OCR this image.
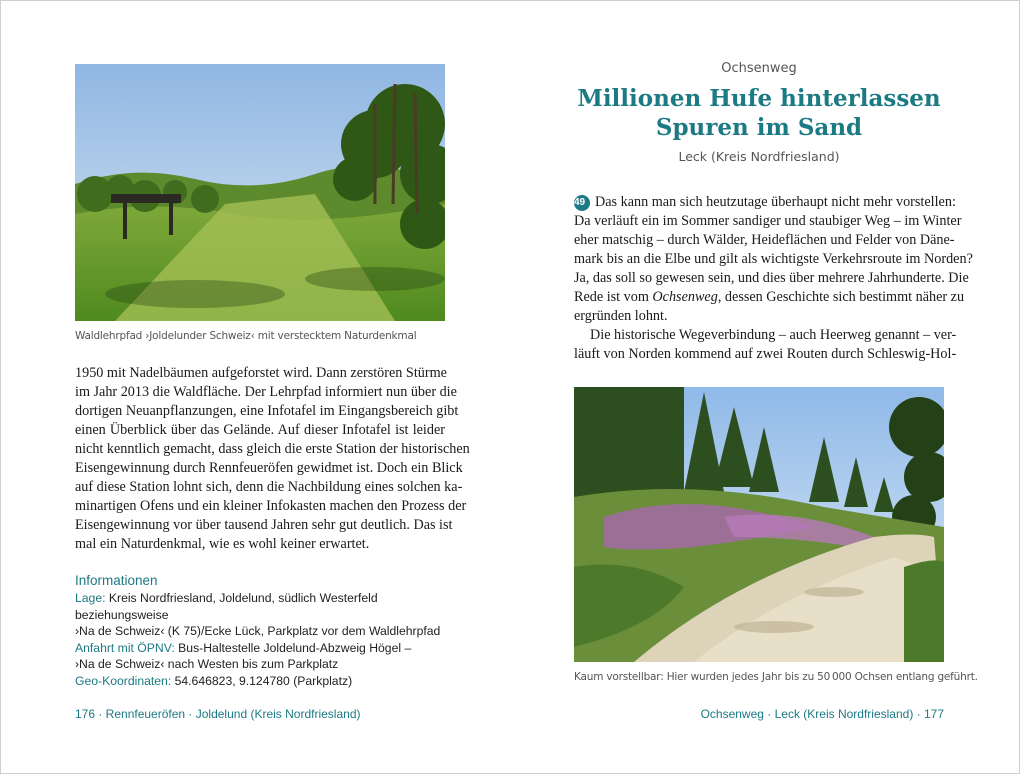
Waldlehrpfad ›Joldelunder Schweiz‹ mit verstecktem Naturdenkmal
1950 mit Nadelbäumen aufgeforstet wird. Dann zerstören Stürme
im Jahr 2013 die Waldfläche. Der Lehrpfad informiert nun über die
dortigen Neuanpflanzungen, eine Infotafel im Eingangsbereich gibt
einen Überblick über das Gelände. Auf dieser Infotafel ist leider
nicht kenntlich gemacht, dass gleich die erste Station der historischen
Eisengewinnung durch Rennfeueröfen gewidmet ist. Doch ein Blick
auf diese Station lohnt sich, denn die Nachbildung eines solchen ka-
minartigen Ofens und ein kleiner Infokasten machen den Prozess der
Eisengewinnung vor über tausend Jahren sehr gut deutlich. Das ist
mal ein Naturdenkmal, wie es wohl keiner erwartet.
Informationen
Lage: Kreis Nordfriesland, Joldelund, südlich Westerfeld beziehungsweise
›Na de Schweiz‹ (K 75)/Ecke Lück, Parkplatz vor dem Waldlehrpfad
Anfahrt mit ÖPNV: Bus-Haltestelle Joldelund-Abzweig Högel –
›Na de Schweiz‹ nach Westen bis zum Parkplatz
Geo-Koordinaten: 54.646823, 9.124780 (Parkplatz)
176 · Rennfeueröfen · Joldelund (Kreis Nordfriesland)
Ochsenweg
Millionen Hufe hinterlassen
Spuren im Sand
Leck (Kreis Nordfriesland)
49 Das kann man sich heutzutage überhaupt nicht mehr vorstellen:
Da verläuft ein im Sommer sandiger und staubiger Weg – im Winter
eher matschig – durch Wälder, Heideflächen und Felder von Däne-
mark bis an die Elbe und gilt als wichtigste Verkehrsroute im Norden?
Ja, das soll so gewesen sein, und dies über mehrere Jahrhunderte. Die
Rede ist vom Ochsenweg, dessen Geschichte sich bestimmt näher zu
ergründen lohnt.
Die historische Wegeverbindung – auch Heerweg genannt – ver-
läuft von Norden kommend auf zwei Routen durch Schleswig-Hol-
Kaum vorstellbar: Hier wurden jedes Jahr bis zu 50 000 Ochsen entlang geführt.
Ochsenweg · Leck (Kreis Nordfriesland) · 177
